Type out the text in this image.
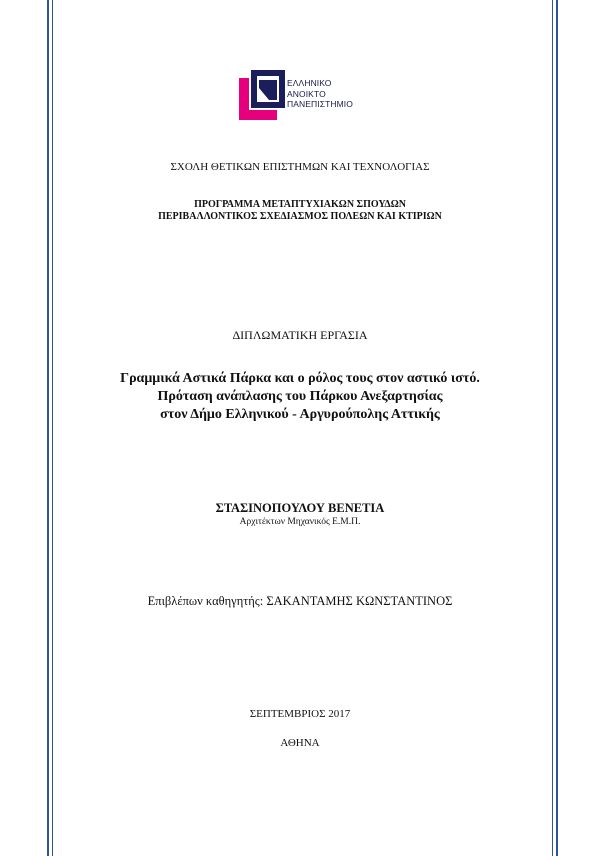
ΕΛΛΗΝΙΚΟ
ΑΝΟΙΚΤΟ
ΠΑΝΕΠΙΣΤΗΜΙΟ
ΣΧΟΛΗ ΘΕΤΙΚΩΝ ΕΠΙΣΤΗΜΩΝ ΚΑΙ ΤΕΧΝΟΛΟΓΙΑΣ
ΠΡΟΓΡΑΜΜΑ ΜΕΤΑΠΤΥΧΙΑΚΩΝ ΣΠΟΥΔΩΝ
ΠΕΡΙΒΑΛΛΟΝΤΙΚΟΣ ΣΧΕΔΙΑΣΜΟΣ ΠΟΛΕΩΝ ΚΑΙ ΚΤΙΡΙΩΝ
ΔΙΠΛΩΜΑΤΙΚΗ ΕΡΓΑΣΙΑ
Γραμμικά Αστικά Πάρκα και ο ρόλος τους στον αστικό ιστό.
Πρόταση ανάπλασης του Πάρκου Ανεξαρτησίας
στον Δήμο Ελληνικού - Αργυρούπολης Αττικής
ΣΤΑΣΙΝΟΠΟΥΛΟΥ ΒΕΝΕΤΙΑ
Αρχιτέκτων Μηχανικός Ε.Μ.Π.
Επιβλέπων καθηγητής: ΣΑΚΑΝΤΑΜΗΣ ΚΩΝΣΤΑΝΤΙΝΟΣ
ΣΕΠΤΕΜΒΡΙΟΣ 2017
ΑΘΗΝΑ
